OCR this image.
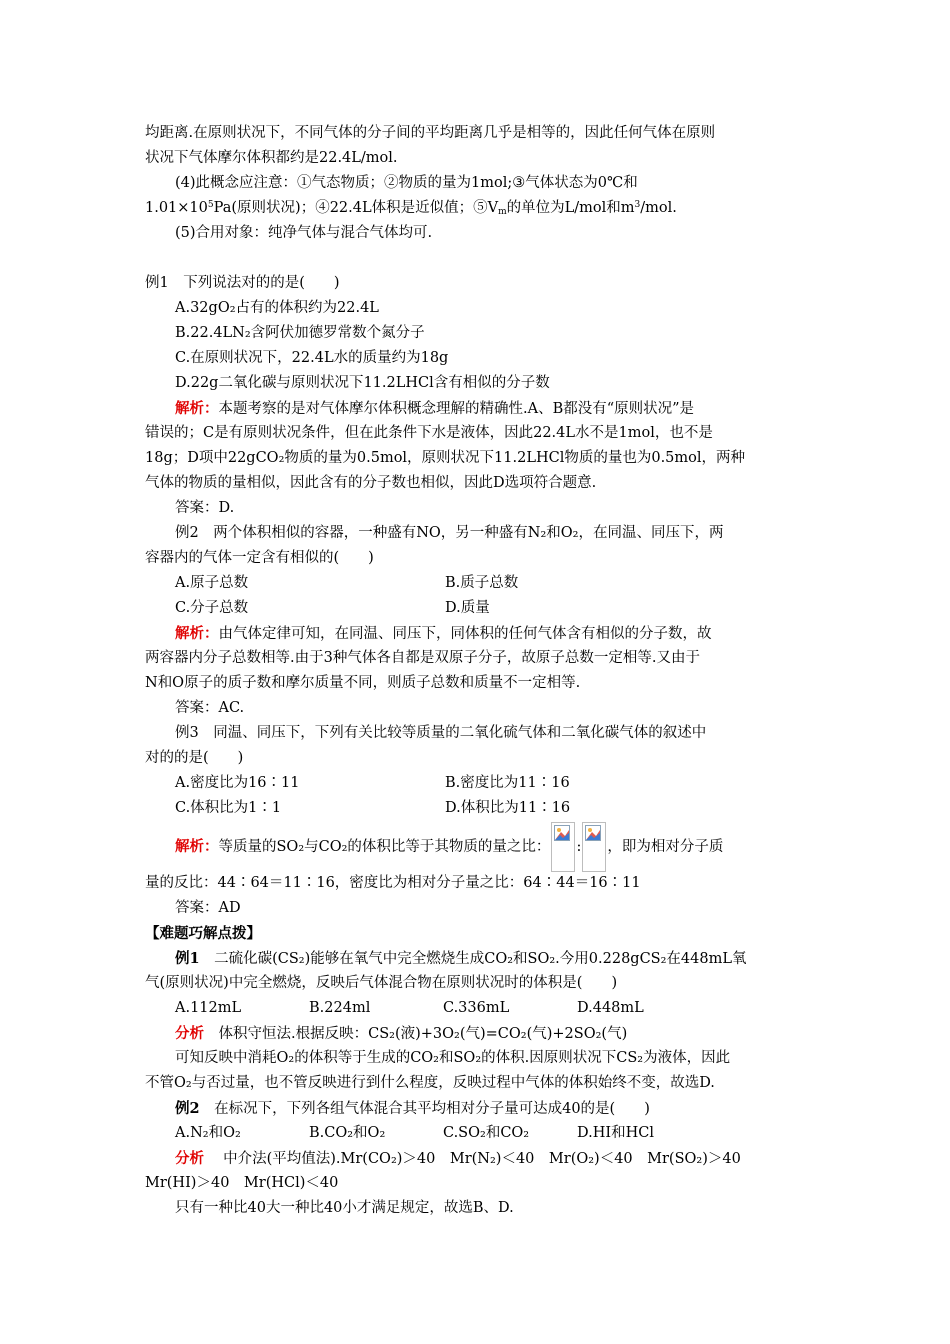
均距离.在原则状况下，不同气体的分子间的平均距离几乎是相等的，因此任何气体在原则
状况下气体摩尔体积都约是22.4L/mol.
(4)此概念应注意：①气态物质；②物质的量为1mol;③气体状态为0℃和
$1.01\times 10^5Pa$(原则状况)；④22.4L体积是近似值；$⑤V_m$的单位为L/mol和$m^3$/mol.
(5)合用对象：纯净气体与混合气体均可.
例1　下列说法对的的是(　　)
A.32gO₂占有的体积约为22.4L
B.22.4LN₂含阿伏加德罗常数个氮分子
C.在原则状况下，22.4L水的质量约为18g
D.22g二氧化碳与原则状况下11.2LHCl含有相似的分子数
解析：本题考察的是对气体摩尔体积概念理解的精确性.A、B都没有“原则状况”是
错误的；C是有原则状况条件，但在此条件下水是液体，因此22.4L水不是1mol，也不是
18g；D项中22gCO₂物质的量为0.5mol，原则状况下11.2LHCl物质的量也为0.5mol，两种
气体的物质的量相似，因此含有的分子数也相似，因此D选项符合题意.
答案：D.
例2　两个体积相似的容器，一种盛有NO，另一种盛有N₂和O₂，在同温、同压下，两
容器内的气体一定含有相似的(　　)
A.原子总数	B.质子总数
C.分子总数	D.质量
解析：由气体定律可知，在同温、同压下，同体积的任何气体含有相似的分子数，故
两容器内分子总数相等.由于3种气体各自都是双原子分子，故原子总数一定相等.又由于
N和O原子的质子数和摩尔质量不同，则质子总数和质量不一定相等.
答案：AC.
例3　同温、同压下，下列有关比较等质量的二氧化硫气体和二氧化碳气体的叙述中
对的的是(　　)
A.密度比为16∶11	B.密度比为11∶16
C.体积比为1∶1	D.体积比为11∶16
解析：等质量的SO₂与CO₂的体积比等于其物质的量之比： : ，即为相对分子质
量的反比：44∶64＝11∶16，密度比为相对分子量之比：64∶44＝16∶11
答案：AD
【难题巧解点拨】
例1　二硫化碳(CS₂)能够在氧气中完全燃烧生成CO₂和SO₂.今用0.228gCS₂在448mL氧
气(原则状况)中完全燃烧，反映后气体混合物在原则状况时的体积是(　　)
A.112mL	B.224ml	C.336mL	D.448mL
分析　体积守恒法.根据反映：CS₂(液)+3O₂(气)=CO₂(气)+2SO₂(气)
可知反映中消耗O₂的体积等于生成的CO₂和SO₂的体积.因原则状况下CS₂为液体，因此
不管O₂与否过量，也不管反映进行到什么程度，反映过程中气体的体积始终不变，故选D.
例2　在标况下，下列各组气体混合其平均相对分子量可达成40的是(　　)
A.N₂和O₂	B.CO₂和O₂	C.SO₂和CO₂	D.HI和HCl
分析　 中介法(平均值法).Mr(CO₂)＞40　Mr(N₂)＜40　Mr(O₂)＜40　Mr(SO₂)＞40
Mr(HI)＞40　Mr(HCl)＜40
只有一种比40大一种比40小才满足规定，故选B、D.
